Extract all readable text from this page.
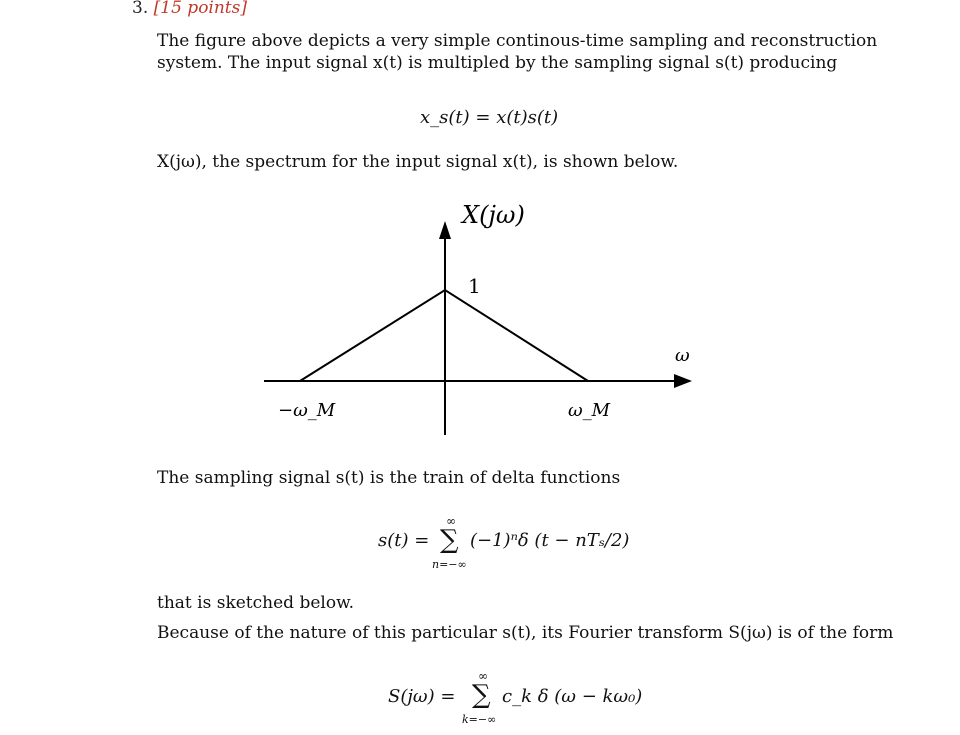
3. [15 points]
The figure above depicts a very simple continous-time sampling and reconstruction
system. The input signal x(t) is multipled by the sampling signal s(t) producing
x_s(t) = x(t)s(t)
X(jω), the spectrum for the input signal x(t), is shown below.
X(jω)
1
ω
−ω_M	ω_M
The sampling signal s(t) is the train of delta functions
s(t) =
∞
∑
n=−∞
(−1)ⁿδ (t − nTₛ/2)
that is sketched below.
Because of the nature of this particular s(t), its Fourier transform S(jω) is of the form
S(jω) =
∞
∑
k=−∞
c_k δ (ω − kω₀)
